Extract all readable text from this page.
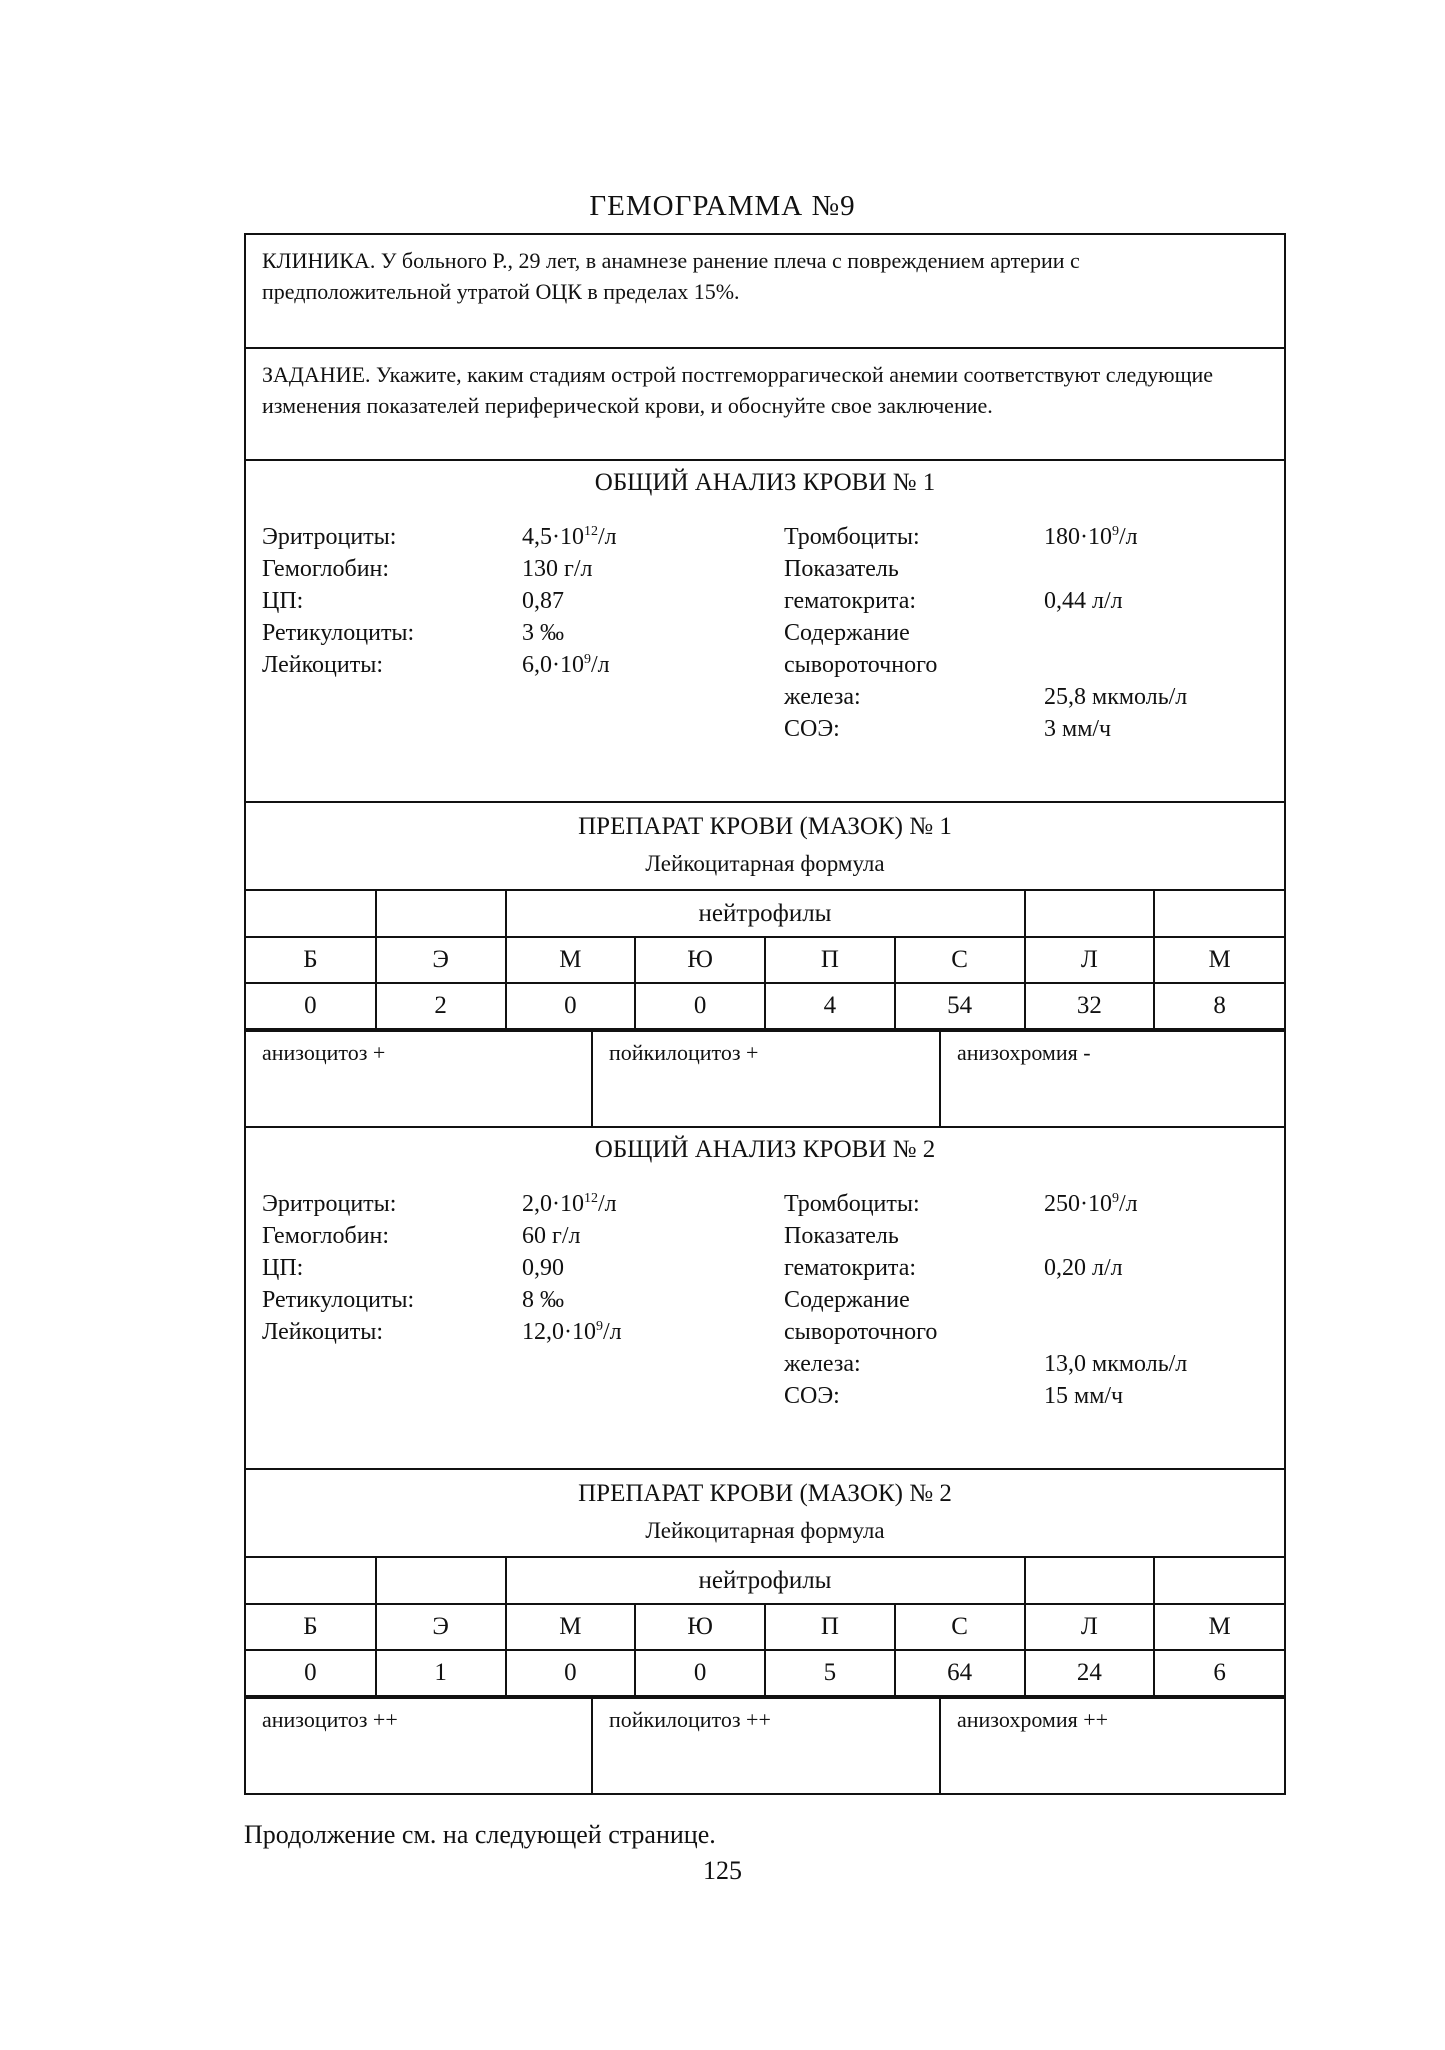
ГЕМОГРАММА №9
КЛИНИКА. У больного Р., 29 лет, в анамнезе ранение плеча с повреждением артерии с предположительной утратой ОЦК в пределах 15%.
ЗАДАНИЕ. Укажите, каким стадиям острой постгеморрагической анемии соответствуют следующие изменения показателей периферической крови, и обоснуйте свое заключение.
ОБЩИЙ АНАЛИЗ КРОВИ № 1
Эритроциты:	$4,5\cdot 10^{12}/л$	Тромбоциты:	$180\cdot 10^9/л$
Гемоглобин:	130 г/л	Показатель
ЦП:	0,87	гематокрита:	0,44 л/л
Ретикулоциты:	3 ‰	Содержание
Лейкоциты:	$6,0\cdot 10^9/л$	сывороточного
железа:	25,8 мкмоль/л
СОЭ:	3 мм/ч
ПРЕПАРАТ КРОВИ (МАЗОК) № 1
Лейкоцитарная формула
		нейтрофилы					
Б	Э	М	Ю	П	С	Л	М
0	2	0	0	4	54	32	8
анизоцитоз +	пойкилоцитоз +	анизохромия -
ОБЩИЙ АНАЛИЗ КРОВИ № 2
Эритроциты:	$2,0\cdot 10^{12}/л$	Тромбоциты:	$250\cdot 10^9/л$
Гемоглобин:	60 г/л	Показатель
ЦП:	0,90	гематокрита:	0,20 л/л
Ретикулоциты:	8 ‰	Содержание
Лейкоциты:	$12,0\cdot 10^9/л$	сывороточного
железа:	13,0 мкмоль/л
СОЭ:	15 мм/ч
ПРЕПАРАТ КРОВИ (МАЗОК) № 2
Лейкоцитарная формула
		нейтрофилы					
Б	Э	М	Ю	П	С	Л	М
0	1	0	0	5	64	24	6
анизоцитоз ++	пойкилоцитоз ++	анизохромия ++
Продолжение см. на следующей странице.
125
